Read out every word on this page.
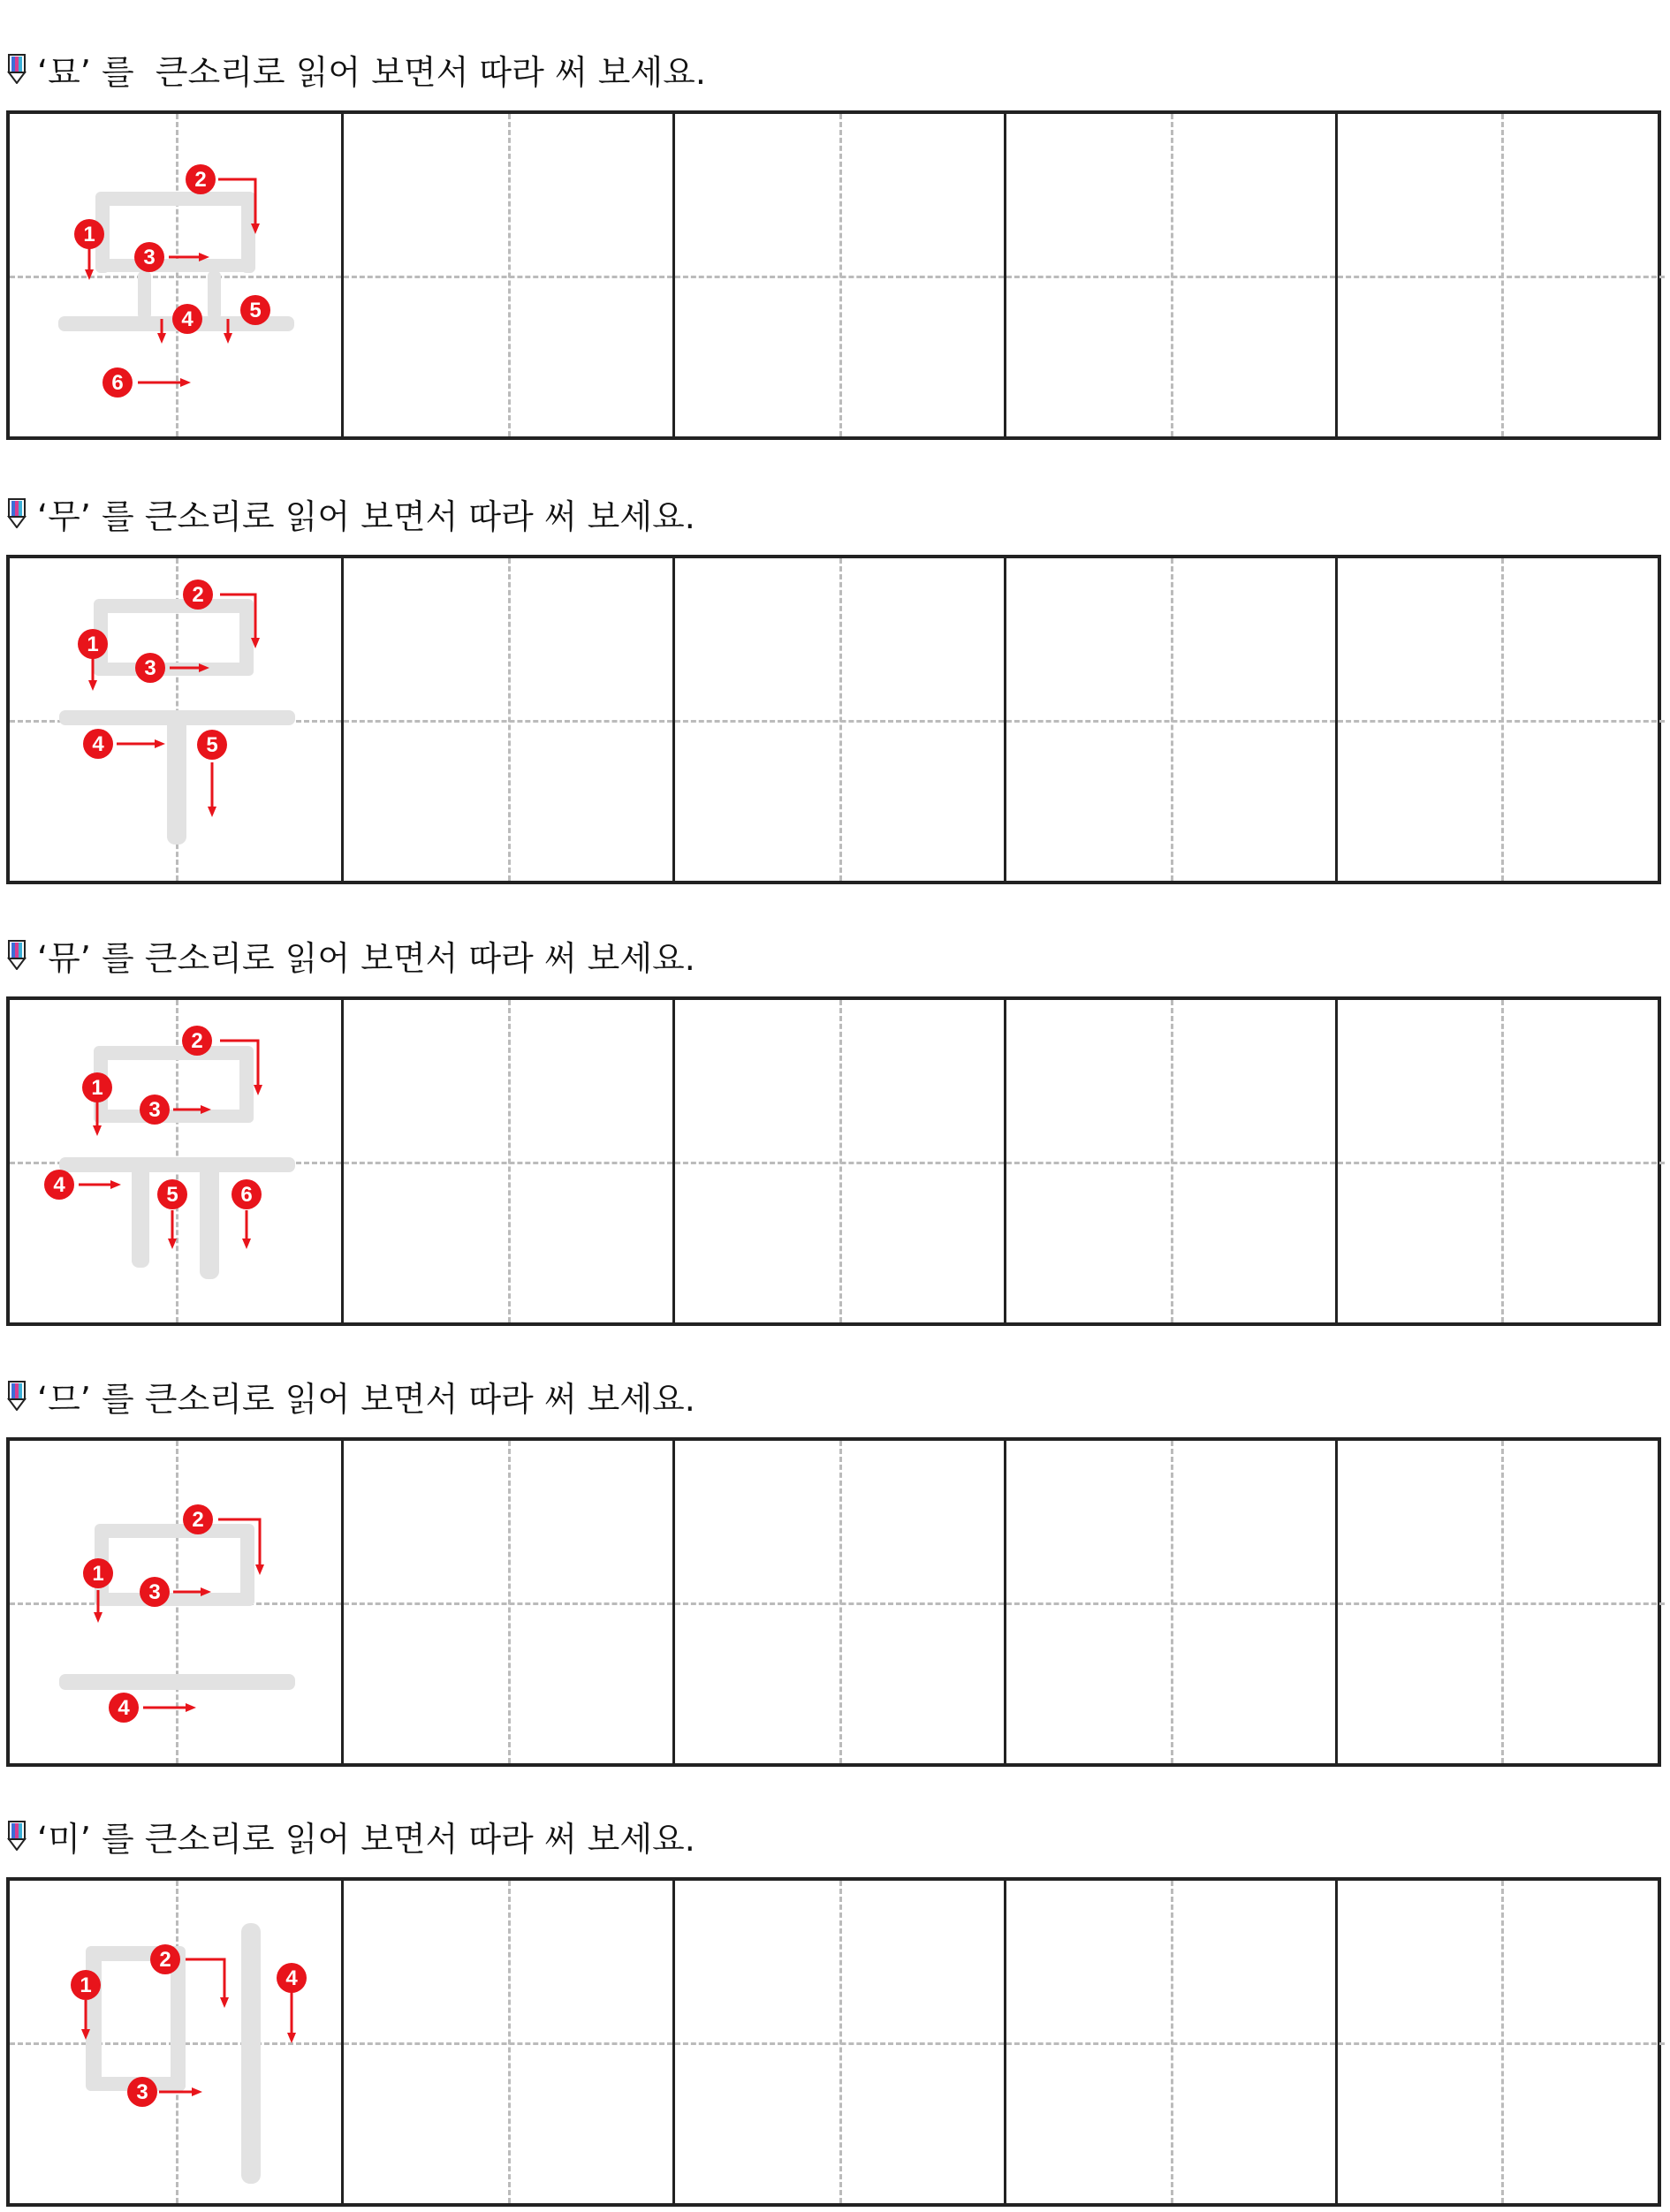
‘묘’ 를  큰소리로 읽어 보면서 따라 써 보세요.
1
2
3
4	5
6
‘무’ 를 큰소리로 읽어 보면서 따라 써 보세요.
1
2
3
4	5
‘뮤’ 를 큰소리로 읽어 보면서 따라 써 보세요.
1
2
3
4	5	6
‘므’ 를 큰소리로 읽어 보면서 따라 써 보세요.
1
2
3
4
‘미’ 를 큰소리로 읽어 보면서 따라 써 보세요.
1
2
3
4
